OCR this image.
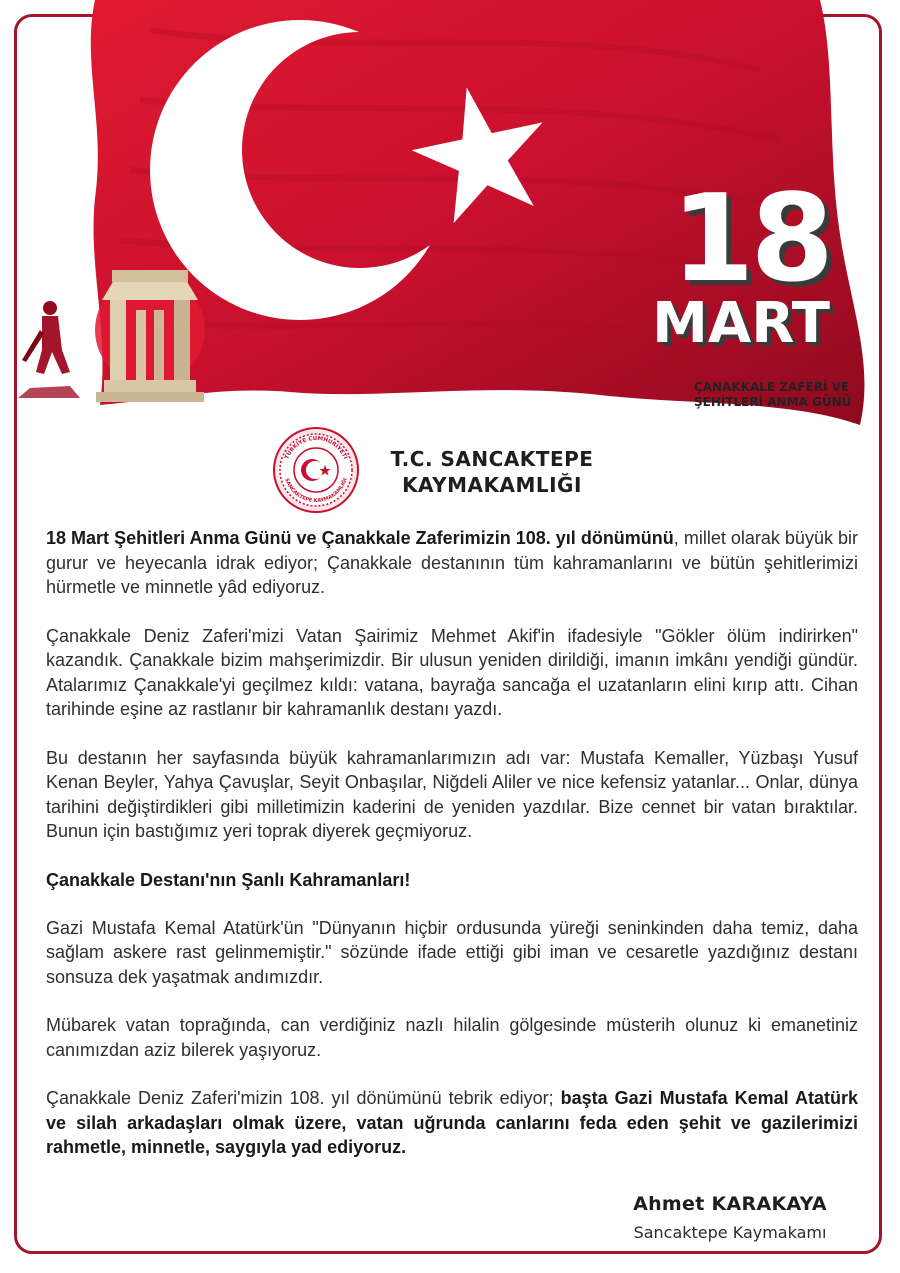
18
MART
ÇANAKKALE ZAFERİ VE
ŞEHİTLERİ ANMA GÜNÜ
TÜRKİYE CUMHURİYETİ
SANCAKTEPE KAYMAKAMLIĞI
T.C. SANCAKTEPE
KAYMAKAMLIĞI

18 Mart Şehitleri Anma Günü ve Çanakkale Zaferimizin 108. yıl dönümünü, millet olarak büyük bir gurur ve heyecanla idrak ediyor; Çanakkale destanının tüm kahramanlarını ve bütün şehitlerimizi hürmetle ve minnetle yâd ediyoruz.

Çanakkale Deniz Zaferi'mizi Vatan Şairimiz Mehmet Akif'in ifadesiyle "Gökler ölüm indirirken" kazandık. Çanakkale bizim mahşerimizdir. Bir ulusun yeniden dirildiği, imanın imkânı yendiği gündür. Atalarımız Çanakkale'yi geçilmez kıldı: vatana, bayrağa sancağa el uzatanların elini kırıp attı. Cihan tarihinde eşine az rastlanır bir kahramanlık destanı yazdı.

Bu destanın her sayfasında büyük kahramanlarımızın adı var: Mustafa Kemaller, Yüzbaşı Yusuf Kenan Beyler, Yahya Çavuşlar, Seyit Onbaşılar, Niğdeli Aliler ve nice kefensiz yatanlar... Onlar, dünya tarihini değiştirdikleri gibi milletimizin kaderini de yeniden yazdılar. Bize cennet bir vatan bıraktılar. Bunun için bastığımız yeri toprak diyerek geçmiyoruz.

Çanakkale Destanı'nın Şanlı Kahramanları!

Gazi Mustafa Kemal Atatürk'ün "Dünyanın hiçbir ordusunda yüreği seninkinden daha temiz, daha sağlam askere rast gelinmemiştir." sözünde ifade ettiği gibi iman ve cesaretle yazdığınız destanı sonsuza dek yaşatmak andımızdır.

Mübarek vatan toprağında, can verdiğiniz nazlı hilalin gölgesinde müsterih olunuz ki emanetiniz canımızdan aziz bilerek yaşıyoruz.

Çanakkale Deniz Zaferi'mizin 108. yıl dönümünü tebrik ediyor; başta Gazi Mustafa Kemal Atatürk ve silah arkadaşları olmak üzere, vatan uğrunda canlarını feda eden şehit ve gazilerimizi rahmetle, minnetle, saygıyla yad ediyoruz.

Ahmet KARAKAYA
Sancaktepe Kaymakamı
